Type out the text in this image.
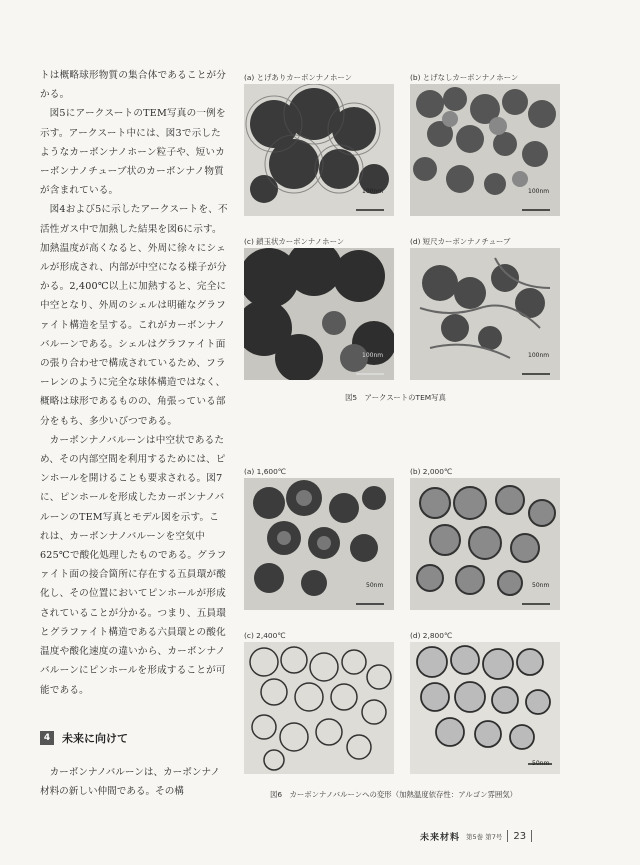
トは概略球形物質の集合体であることが分かる。

図5にアークスートのTEM写真の一例を示す。アークスート中には、図3で示したようなカーボンナノホーン粒子や、短いカーボンナノチューブ状のカーボンナノ物質が含まれている。

図4および5に示したアークスートを、不活性ガス中で加熱した結果を図6に示す。加熱温度が高くなると、外周に徐々にシェルが形成され、内部が中空になる様子が分かる。2,400℃以上に加熱すると、完全に中空となり、外周のシェルは明確なグラファイト構造を呈する。これがカーボンナノバルーンである。シェルはグラファイト面の張り合わせで構成されているため、フラーレンのように完全な球体構造ではなく、概略は球形であるものの、角張っている部分をもち、多少いびつである。

カーボンナノバルーンは中空状であるため、その内部空間を利用するためには、ピンホールを開けることも要求される。図7に、ピンホールを形成したカーボンナノバルーンのTEM写真とモデル図を示す。これは、カーボンナノバルーンを空気中625℃で酸化処理したものである。グラファイト面の接合箇所に存在する五員環が酸化し、その位置においてピンホールが形成されていることが分かる。つまり、五員環とグラファイト構造である六員環との酸化温度や酸化速度の違いから、カーボンナノバルーンにピンホールを形成することが可能である。

4	未来に向けて

カーボンナノバルーンは、カーボンナノ材料の新しい仲間である。その構

(a) とげありカーボンナノホーン
100nm
(b) とげなしカーボンナノホーン
100nm
(c) 鎖玉状カーボンナノホーン
100nm
(d) 短尺カーボンナノチューブ
100nm
図5　アークスートのTEM写真
(a) 1,600℃
50nm
(b) 2,000℃
50nm
(c) 2,400℃	(d) 2,800℃
50nm
図6　カーボンナノバルーンへの変形（加熱温度依存性：アルゴン雰囲気）
未来材料 第5巻 第7号 23
